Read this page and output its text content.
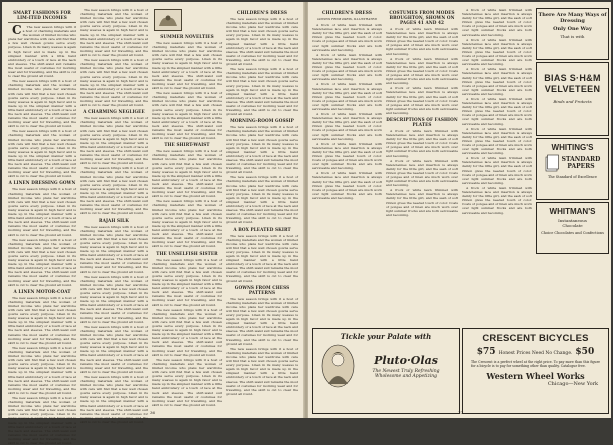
SMART FASHIONS FOR LIM-ITED INCOMES

C The new season brings with it a host of charming materials and the woman of limited income who plans her wardrobe with care will find that a few well chosen gowns serve every purpose. Linen in its many weaves is again in high favor and is made up in the simplest manner with a little hand embroidery or a touch of lace at the neck and sleeves. The shirt-waist suit remains the most useful of costumes for morning wear and for travelling, and the skirt is cut to clear the ground all round.

The new season brings with it a host of charming materials and the woman of limited income who plans her wardrobe with care will find that a few well chosen gowns serve every purpose. Linen in its many weaves is again in high favor and is made up in the simplest manner with a little hand embroidery or a touch of lace at the neck and sleeves. The shirt-waist suit remains the most useful of costumes for morning wear and for travelling, and the skirt is cut to clear the ground all round.

The new season brings with it a host of charming materials and the woman of limited income who plans her wardrobe with care will find that a few well chosen gowns serve every purpose. Linen in its many weaves is again in high favor and is made up in the simplest manner with a little hand embroidery or a touch of lace at the neck and sleeves. The shirt-waist suit remains the most useful of costumes for morning wear and for travelling, and the skirt is cut to clear the ground all round.

A LINEN DRESSING GOWN

The new season brings with it a host of charming materials and the woman of limited income who plans her wardrobe with care will find that a few well chosen gowns serve every purpose. Linen in its many weaves is again in high favor and is made up in the simplest manner with a little hand embroidery or a touch of lace at the neck and sleeves. The shirt-waist suit remains the most useful of costumes for morning wear and for travelling, and the skirt is cut to clear the ground all round.

The new season brings with it a host of charming materials and the woman of limited income who plans her wardrobe with care will find that a few well chosen gowns serve every purpose. Linen in its many weaves is again in high favor and is made up in the simplest manner with a little hand embroidery or a touch of lace at the neck and sleeves. The shirt-waist suit remains the most useful of costumes for morning wear and for travelling, and the skirt is cut to clear the ground all round.

A LINEN MOTOR-COAT

The new season brings with it a host of charming materials and the woman of limited income who plans her wardrobe with care will find that a few well chosen gowns serve every purpose. Linen in its many weaves is again in high favor and is made up in the simplest manner with a little hand embroidery or a touch of lace at the neck and sleeves. The shirt-waist suit remains the most useful of costumes for morning wear and for travelling, and the skirt is cut to clear the ground all round.

The new season brings with it a host of charming materials and the woman of limited income who plans her wardrobe with care will find that a few well chosen gowns serve every purpose. Linen in its many weaves is again in high favor and is made up in the simplest manner with a little hand embroidery or a touch of lace at the neck and sleeves. The shirt-waist suit remains the most useful of costumes for morning wear and for travelling, and the skirt is cut to clear the ground all round.

The new season brings with it a host of charming materials and the woman of limited income who plans her wardrobe with care will find that a few well chosen gowns serve every purpose. Linen in its many weaves is again in high favor and is made up in the simplest manner with a little hand embroidery or a touch of lace at the neck and sleeves. The shirt-waist suit remains the most useful of costumes for morning wear and for travelling, and the skirt is cut to clear the ground all round.

The new season brings with it a host of charming materials and the woman of limited income who plans her wardrobe with care will find that a few well chosen gowns serve every purpose. Linen in its many weaves is again in high favor and is made up in the simplest manner with a little hand embroidery or a touch of lace at the neck and sleeves. The shirt-waist suit remains the most useful of costumes for morning wear and for travelling, and the skirt is cut to clear the ground all round.

The new season brings with it a host of charming materials and the woman of limited income who plans her wardrobe with care will find that a few well chosen gowns serve every purpose. Linen in its many weaves is again in high favor and is made up in the simplest manner with a little hand embroidery or a touch of lace at the neck and sleeves. The shirt-waist suit remains the most useful of costumes for morning wear and for travelling, and the skirt is cut to clear the ground all round.

A CHARMING NEGLIGEE

The new season brings with it a host of charming materials and the woman of limited income who plans her wardrobe with care will find that a few well chosen gowns serve every purpose. Linen in its many weaves is again in high favor and is made up in the simplest manner with a little hand embroidery or a touch of lace at the neck and sleeves. The shirt-waist suit remains the most useful of costumes for morning wear and for travelling, and the skirt is cut to clear the ground all round.

The new season brings with it a host of charming materials and the woman of limited income who plans her wardrobe with care will find that a few well chosen gowns serve every purpose. Linen in its many weaves is again in high favor and is made up in the simplest manner with a little hand embroidery or a touch of lace at the neck and sleeves. The shirt-waist suit remains the most useful of costumes for morning wear and for travelling, and the skirt is cut to clear the ground all round.

RAJAH SILK

The new season brings with it a host of charming materials and the woman of limited income who plans her wardrobe with care will find that a few well chosen gowns serve every purpose. Linen in its many weaves is again in high favor and is made up in the simplest manner with a little hand embroidery or a touch of lace at the neck and sleeves. The shirt-waist suit remains the most useful of costumes for morning wear and for travelling, and the skirt is cut to clear the ground all round.

The new season brings with it a host of charming materials and the woman of limited income who plans her wardrobe with care will find that a few well chosen gowns serve every purpose. Linen in its many weaves is again in high favor and is made up in the simplest manner with a little hand embroidery or a touch of lace at the neck and sleeves. The shirt-waist suit remains the most useful of costumes for morning wear and for travelling, and the skirt is cut to clear the ground all round.

The new season brings with it a host of charming materials and the woman of limited income who plans her wardrobe with care will find that a few well chosen gowns serve every purpose. Linen in its many weaves is again in high favor and is made up in the simplest manner with a little hand embroidery or a touch of lace at the neck and sleeves. The shirt-waist suit remains the most useful of costumes for morning wear and for travelling, and the skirt is cut to clear the ground all round.

The new season brings with it a host of charming materials and the woman of limited income who plans her wardrobe with care will find that a few well chosen gowns serve every purpose. Linen in its many weaves is again in high favor and is made up in the simplest manner with a little hand embroidery or a touch of lace at the neck and sleeves. The shirt-waist suit remains the most useful of costumes for morning wear and for travelling, and the skirt is cut to clear the ground all round.

SUMMER NOVELTIES

The new season brings with it a host of charming materials and the woman of limited income who plans her wardrobe with care will find that a few well chosen gowns serve every purpose. Linen in its many weaves is again in high favor and is made up in the simplest manner with a little hand embroidery or a touch of lace at the neck and sleeves. The shirt-waist suit remains the most useful of costumes for morning wear and for travelling, and the skirt is cut to clear the ground all round.

The new season brings with it a host of charming materials and the woman of limited income who plans her wardrobe with care will find that a few well chosen gowns serve every purpose. Linen in its many weaves is again in high favor and is made up in the simplest manner with a little hand embroidery or a touch of lace at the neck and sleeves. The shirt-waist suit remains the most useful of costumes for morning wear and for travelling, and the skirt is cut to clear the ground all round.

THE SHIRT-WAIST

The new season brings with it a host of charming materials and the woman of limited income who plans her wardrobe with care will find that a few well chosen gowns serve every purpose. Linen in its many weaves is again in high favor and is made up in the simplest manner with a little hand embroidery or a touch of lace at the neck and sleeves. The shirt-waist suit remains the most useful of costumes for morning wear and for travelling, and the skirt is cut to clear the ground all round.

The new season brings with it a host of charming materials and the woman of limited income who plans her wardrobe with care will find that a few well chosen gowns serve every purpose. Linen in its many weaves is again in high favor and is made up in the simplest manner with a little hand embroidery or a touch of lace at the neck and sleeves. The shirt-waist suit remains the most useful of costumes for morning wear and for travelling, and the skirt is cut to clear the ground all round.

THE UNSELFISH SISTER

The new season brings with it a host of charming materials and the woman of limited income who plans her wardrobe with care will find that a few well chosen gowns serve every purpose. Linen in its many weaves is again in high favor and is made up in the simplest manner with a little hand embroidery or a touch of lace at the neck and sleeves. The shirt-waist suit remains the most useful of costumes for morning wear and for travelling, and the skirt is cut to clear the ground all round.

The new season brings with it a host of charming materials and the woman of limited income who plans her wardrobe with care will find that a few well chosen gowns serve every purpose. Linen in its many weaves is again in high favor and is made up in the simplest manner with a little hand embroidery or a touch of lace at the neck and sleeves. The shirt-waist suit remains the most useful of costumes for morning wear and for travelling, and the skirt is cut to clear the ground all round.

The new season brings with it a host of charming materials and the woman of limited income who plans her wardrobe with care will find that a few well chosen gowns serve every purpose. Linen in its many weaves is again in high favor and is made up in the simplest manner with a little hand embroidery or a touch of lace at the neck and sleeves. The shirt-waist suit remains the most useful of costumes for morning wear and for travelling, and the skirt is cut to clear the ground all round.

CHILDREN'S DRESS

The new season brings with it a host of charming materials and the woman of limited income who plans her wardrobe with care will find that a few well chosen gowns serve every purpose. Linen in its many weaves is again in high favor and is made up in the simplest manner with a little hand embroidery or a touch of lace at the neck and sleeves. The shirt-waist suit remains the most useful of costumes for morning wear and for travelling, and the skirt is cut to clear the ground all round.

The new season brings with it a host of charming materials and the woman of limited income who plans her wardrobe with care will find that a few well chosen gowns serve every purpose. Linen in its many weaves is again in high favor and is made up in the simplest manner with a little hand embroidery or a touch of lace at the neck and sleeves. The shirt-waist suit remains the most useful of costumes for morning wear and for travelling, and the skirt is cut to clear the ground all round.

MORNING-ROOM GOSSIP

The new season brings with it a host of charming materials and the woman of limited income who plans her wardrobe with care will find that a few well chosen gowns serve every purpose. Linen in its many weaves is again in high favor and is made up in the simplest manner with a little hand embroidery or a touch of lace at the neck and sleeves. The shirt-waist suit remains the most useful of costumes for morning wear and for travelling, and the skirt is cut to clear the ground all round.

The new season brings with it a host of charming materials and the woman of limited income who plans her wardrobe with care will find that a few well chosen gowns serve every purpose. Linen in its many weaves is again in high favor and is made up in the simplest manner with a little hand embroidery or a touch of lace at the neck and sleeves. The shirt-waist suit remains the most useful of costumes for morning wear and for travelling, and the skirt is cut to clear the ground all round.

A BOX PLEATED SKIRT

The new season brings with it a host of charming materials and the woman of limited income who plans her wardrobe with care will find that a few well chosen gowns serve every purpose. Linen in its many weaves is again in high favor and is made up in the simplest manner with a little hand embroidery or a touch of lace at the neck and sleeves. The shirt-waist suit remains the most useful of costumes for morning wear and for travelling, and the skirt is cut to clear the ground all round.

GOWNS FROM CHESS PATTERNS

The new season brings with it a host of charming materials and the woman of limited income who plans her wardrobe with care will find that a few well chosen gowns serve every purpose. Linen in its many weaves is again in high favor and is made up in the simplest manner with a little hand embroidery or a touch of lace at the neck and sleeves. The shirt-waist suit remains the most useful of costumes for morning wear and for travelling, and the skirt is cut to clear the ground all round.

The new season brings with it a host of charming materials and the woman of limited income who plans her wardrobe with care will find that a few well chosen gowns serve every purpose. Linen in its many weaves is again in high favor and is made up in the simplest manner with a little hand embroidery or a touch of lace at the neck and sleeves. The shirt-waist suit remains the most useful of costumes for morning wear and for travelling, and the skirt is cut to clear the ground all round.

36
CHILDREN'S DRESS
GOWNS FROM PARIS, ILLUSTRATED

A frock of white lawn trimmed with Valenciennes lace and insertion is always dainty for the little girl, and the sash of soft ribbon gives the needed touch of color. Coats of pongee and of linen are much worn over light summer frocks and are both serviceable and becoming.

A frock of white lawn trimmed with Valenciennes lace and insertion is always dainty for the little girl, and the sash of soft ribbon gives the needed touch of color. Coats of pongee and of linen are much worn over light summer frocks and are both serviceable and becoming.

A frock of white lawn trimmed with Valenciennes lace and insertion is always dainty for the little girl, and the sash of soft ribbon gives the needed touch of color. Coats of pongee and of linen are much worn over light summer frocks and are both serviceable and becoming.

A frock of white lawn trimmed with Valenciennes lace and insertion is always dainty for the little girl, and the sash of soft ribbon gives the needed touch of color. Coats of pongee and of linen are much worn over light summer frocks and are both serviceable and becoming.

A frock of white lawn trimmed with Valenciennes lace and insertion is always dainty for the little girl, and the sash of soft ribbon gives the needed touch of color. Coats of pongee and of linen are much worn over light summer frocks and are both serviceable and becoming.

A frock of white lawn trimmed with Valenciennes lace and insertion is always dainty for the little girl, and the sash of soft ribbon gives the needed touch of color. Coats of pongee and of linen are much worn over light summer frocks and are both serviceable and becoming.

COSTUMES FROM MODES BROUGHTON, SHOWN ON PAGES 41 AND 42

A frock of white lawn trimmed with Valenciennes lace and insertion is always dainty for the little girl, and the sash of soft ribbon gives the needed touch of color. Coats of pongee and of linen are much worn over light summer frocks and are both serviceable and becoming.

A frock of white lawn trimmed with Valenciennes lace and insertion is always dainty for the little girl, and the sash of soft ribbon gives the needed touch of color. Coats of pongee and of linen are much worn over light summer frocks and are both serviceable and becoming.

A frock of white lawn trimmed with Valenciennes lace and insertion is always dainty for the little girl, and the sash of soft ribbon gives the needed touch of color. Coats of pongee and of linen are much worn over light summer frocks and are both serviceable and becoming.

DESCRIPTIONS OF FASHION PLATES

A frock of white lawn trimmed with Valenciennes lace and insertion is always dainty for the little girl, and the sash of soft ribbon gives the needed touch of color. Coats of pongee and of linen are much worn over light summer frocks and are both serviceable and becoming.

A frock of white lawn trimmed with Valenciennes lace and insertion is always dainty for the little girl, and the sash of soft ribbon gives the needed touch of color. Coats of pongee and of linen are much worn over light summer frocks and are both serviceable and becoming.

A frock of white lawn trimmed with Valenciennes lace and insertion is always dainty for the little girl, and the sash of soft ribbon gives the needed touch of color. Coats of pongee and of linen are much worn over light summer frocks and are both serviceable and becoming.

A frock of white lawn trimmed with Valenciennes lace and insertion is always dainty for the little girl, and the sash of soft ribbon gives the needed touch of color. Coats of pongee and of linen are much worn over light summer frocks and are both serviceable and becoming.

A frock of white lawn trimmed with Valenciennes lace and insertion is always dainty for the little girl, and the sash of soft ribbon gives the needed touch of color. Coats of pongee and of linen are much worn over light summer frocks and are both serviceable and becoming.

A frock of white lawn trimmed with Valenciennes lace and insertion is always dainty for the little girl, and the sash of soft ribbon gives the needed touch of color. Coats of pongee and of linen are much worn over light summer frocks and are both serviceable and becoming.

A frock of white lawn trimmed with Valenciennes lace and insertion is always dainty for the little girl, and the sash of soft ribbon gives the needed touch of color. Coats of pongee and of linen are much worn over light summer frocks and are both serviceable and becoming.

A frock of white lawn trimmed with Valenciennes lace and insertion is always dainty for the little girl, and the sash of soft ribbon gives the needed touch of color. Coats of pongee and of linen are much worn over light summer frocks and are both serviceable and becoming.

A frock of white lawn trimmed with Valenciennes lace and insertion is always dainty for the little girl, and the sash of soft ribbon gives the needed touch of color. Coats of pongee and of linen are much worn over light summer frocks and are both serviceable and becoming.

A frock of white lawn trimmed with Valenciennes lace and insertion is always dainty for the little girl, and the sash of soft ribbon gives the needed touch of color. Coats of pongee and of linen are much worn over light summer frocks and are both serviceable and becoming.

There Are Many Ways of Dressing
Only One Way
That is with
BIAS S·H&M VELVETEEN
Binds and Protects
WHITING'S
STANDARD
PAPERS
The Standard of Excellence
WHITMAN'S
Instantaneous
Chocolate
Choice Chocolates and Confections
Tickle your Palate with
Pluto·Olas
The Newest Truly Refreshing
Wholesome and Appetizing
CRESCENT BICYCLES
$75 Honest Prices Need No Change. $50
The Crescent is a perfect wheel at the right price. To pay more than this figure for a bicycle is to pay for something other than quality. Catalogue free.
Western Wheel Works
Chicago—New York
37
